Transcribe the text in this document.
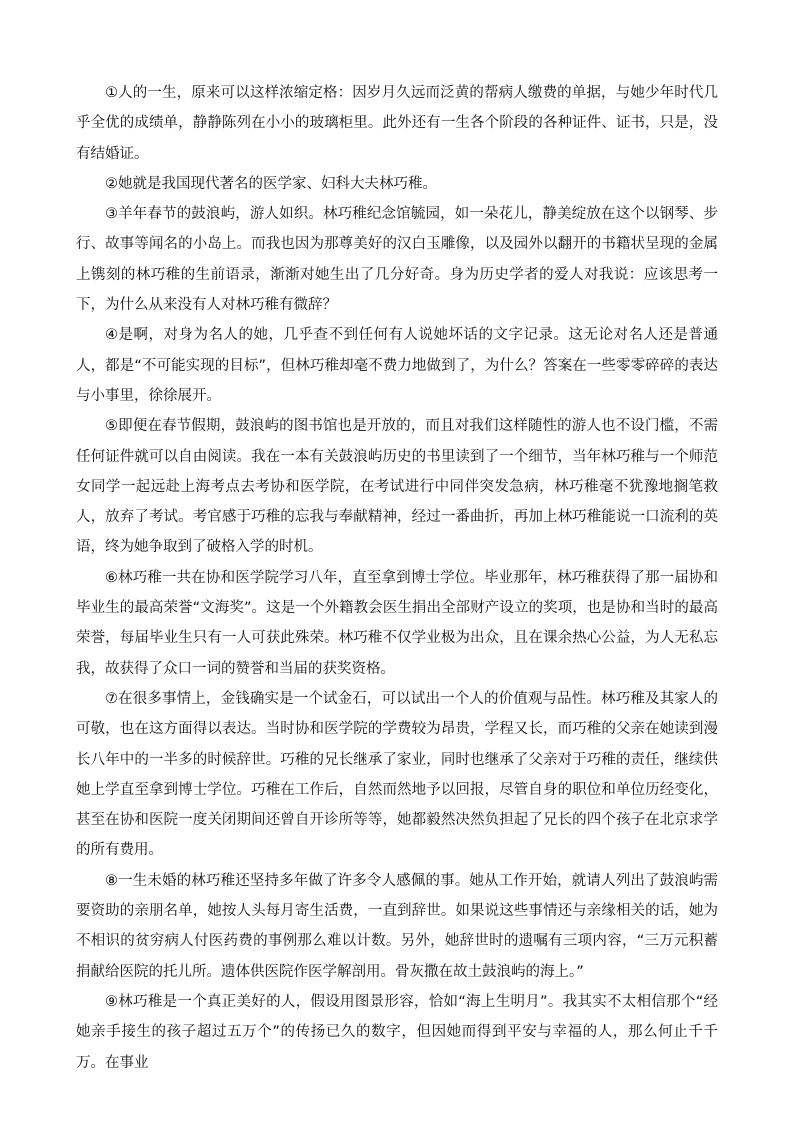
①人的一生，原来可以这样浓缩定格：因岁月久远而泛黄的帮病人缴费的单据，与她少年时代几乎全优的成绩单，静静陈列在小小的玻璃柜里。此外还有一生各个阶段的各种证件、证书，只是，没有结婚证。

②她就是我国现代著名的医学家、妇科大夫林巧稚。

③羊年春节的鼓浪屿，游人如织。林巧稚纪念馆毓园，如一朵花儿，静美绽放在这个以钢琴、步行、故事等闻名的小岛上。而我也因为那尊美好的汉白玉雕像，以及园外以翻开的书籍状呈现的金属上镌刻的林巧稚的生前语录，渐渐对她生出了几分好奇。身为历史学者的爱人对我说：应该思考一下，为什么从来没有人对林巧稚有微辞？

④是啊，对身为名人的她，几乎查不到任何有人说她坏话的文字记录。这无论对名人还是普通人，都是“不可能实现的目标”，但林巧稚却毫不费力地做到了，为什么？答案在一些零零碎碎的表达与小事里，徐徐展开。

⑤即便在春节假期，鼓浪屿的图书馆也是开放的，而且对我们这样随性的游人也不设门槛，不需任何证件就可以自由阅读。我在一本有关鼓浪屿历史的书里读到了一个细节，当年林巧稚与一个师范女同学一起远赴上海考点去考协和医学院，在考试进行中同伴突发急病，林巧稚毫不犹豫地搁笔救人，放弃了考试。考官感于巧稚的忘我与奉献精神，经过一番曲折，再加上林巧稚能说一口流利的英语，终为她争取到了破格入学的时机。

⑥林巧稚一共在协和医学院学习八年，直至拿到博士学位。毕业那年，林巧稚获得了那一届协和毕业生的最高荣誉“文海奖”。这是一个外籍教会医生捐出全部财产设立的奖项，也是协和当时的最高荣誉，每届毕业生只有一人可获此殊荣。林巧稚不仅学业极为出众，且在课余热心公益，为人无私忘我，故获得了众口一词的赞誉和当届的获奖资格。

⑦在很多事情上，金钱确实是一个试金石，可以试出一个人的价值观与品性。林巧稚及其家人的可敬，也在这方面得以表达。当时协和医学院的学费较为昂贵，学程又长，而巧稚的父亲在她读到漫长八年中的一半多的时候辞世。巧稚的兄长继承了家业，同时也继承了父亲对于巧稚的责任，继续供她上学直至拿到博士学位。巧稚在工作后，自然而然地予以回报，尽管自身的职位和单位历经变化，甚至在协和医院一度关闭期间还曾自开诊所等等，她都毅然决然负担起了兄长的四个孩子在北京求学的所有费用。

⑧一生未婚的林巧稚还坚持多年做了许多令人感佩的事。她从工作开始，就请人列出了鼓浪屿需要资助的亲朋名单，她按人头每月寄生活费，一直到辞世。如果说这些事情还与亲缘相关的话，她为不相识的贫穷病人付医药费的事例那么难以计数。另外，她辞世时的遗嘱有三项内容，“三万元积蓄捐献给医院的托儿所。遗体供医院作医学解剖用。骨灰撒在故土鼓浪屿的海上。”

⑨林巧稚是一个真正美好的人，假设用图景形容，恰如“海上生明月”。我其实不太相信那个“经她亲手接生的孩子超过五万个”的传扬已久的数字，但因她而得到平安与幸福的人，那么何止千千万。在事业
